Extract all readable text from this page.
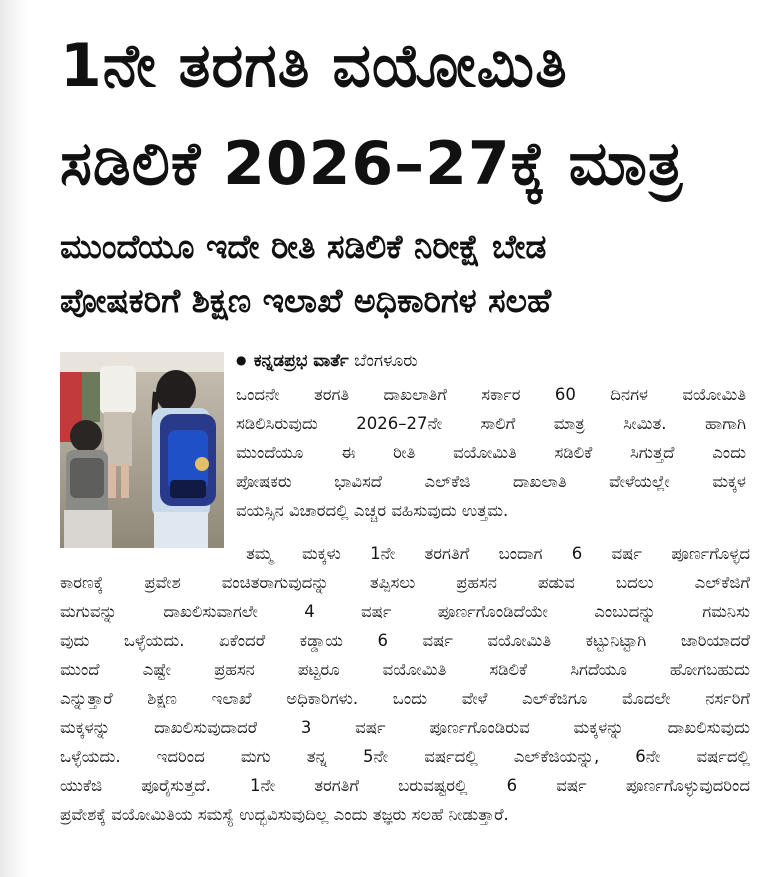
1ನೇ ತರಗತಿ ವಯೋಮಿತಿ
ಸಡಿಲಿಕೆ 2026–27ಕ್ಕೆ ಮಾತ್ರ
ಮುಂದೆಯೂ ಇದೇ ರೀತಿ ಸಡಿಲಿಕೆ ನಿರೀಕ್ಷೆ ಬೇಡ
ಪೋಷಕರಿಗೆ ಶಿಕ್ಷಣ ಇಲಾಖೆ ಅಧಿಕಾರಿಗಳ ಸಲಹೆ
● ಕನ್ನಡಪ್ರಭ ವಾರ್ತೆ ಬೆಂಗಳೂರು
ಒಂದನೇ ತರಗತಿ ದಾಖಲಾತಿಗೆ ಸರ್ಕಾರ 60 ದಿನಗಳ ವಯೋಮಿತಿ
ಸಡಿಲಿಸಿರುವುದು 2026–27ನೇ ಸಾಲಿಗೆ ಮಾತ್ರ ಸೀಮಿತ. ಹಾಗಾಗಿ
ಮುಂದೆಯೂ ಈ ರೀತಿ ವಯೋಮಿತಿ ಸಡಿಲಿಕೆ ಸಿಗುತ್ತದೆ ಎಂದು
ಪೋಷಕರು ಭಾವಿಸದೆ ಎಲ್‌ಕೆಜಿ ದಾಖಲಾತಿ ವೇಳೆಯಲ್ಲೇ ಮಕ್ಕಳ
ವಯಸ್ಸಿನ ವಿಚಾರದಲ್ಲಿ ಎಚ್ಚರ ವಹಿಸುವುದು ಉತ್ತಮ.
ತಮ್ಮ ಮಕ್ಕಳು 1ನೇ ತರಗತಿಗೆ ಬಂದಾಗ 6 ವರ್ಷ ಪೂರ್ಣಗೊಳ್ಳದ
ಕಾರಣಕ್ಕೆ ಪ್ರವೇಶ ವಂಚಿತರಾಗುವುದನ್ನು ತಪ್ಪಿಸಲು ಪ್ರಹಸನ ಪಡುವ ಬದಲು ಎಲ್‌ಕೆಜಿಗೆ
ಮಗುವನ್ನು ದಾಖಲಿಸುವಾಗಲೇ 4 ವರ್ಷ ಪೂರ್ಣಗೊಂಡಿದೆಯೇ ಎಂಬುದನ್ನು ಗಮನಿಸು
ವುದು ಒಳ್ಳೆಯದು. ಏಕೆಂದರೆ ಕಡ್ಡಾಯ 6 ವರ್ಷ ವಯೋಮಿತಿ ಕಟ್ಟುನಿಟ್ಟಾಗಿ ಜಾರಿಯಾದರೆ
ಮುಂದೆ ಎಷ್ಟೇ ಪ್ರಹಸನ ಪಟ್ಟರೂ ವಯೋಮಿತಿ ಸಡಿಲಿಕೆ ಸಿಗದೆಯೂ ಹೋಗಬಹುದು
ಎನ್ನುತ್ತಾರೆ ಶಿಕ್ಷಣ ಇಲಾಖೆ ಅಧಿಕಾರಿಗಳು. ಒಂದು ವೇಳೆ ಎಲ್‌ಕೆಜಿಗೂ ಮೊದಲೇ ನರ್ಸರಿಗೆ
ಮಕ್ಕಳನ್ನು ದಾಖಲಿಸುವುದಾದರೆ 3 ವರ್ಷ ಪೂರ್ಣಗೊಂಡಿರುವ ಮಕ್ಕಳನ್ನು ದಾಖಲಿಸುವುದು
ಒಳ್ಳೆಯದು. ಇದರಿಂದ ಮಗು ತನ್ನ 5ನೇ ವರ್ಷದಲ್ಲಿ ಎಲ್‌ಕೆಜಿಯನ್ನು, 6ನೇ ವರ್ಷದಲ್ಲಿ
ಯುಕೆಜಿ ಪೂರೈಸುತ್ತದೆ. 1ನೇ ತರಗತಿಗೆ ಬರುವಷ್ಟರಲ್ಲಿ 6 ವರ್ಷ ಪೂರ್ಣಗೊಳ್ಳುವುದರಿಂದ
ಪ್ರವೇಶಕ್ಕೆ ವಯೋಮಿತಿಯ ಸಮಸ್ಯೆ ಉದ್ಭವಿಸುವುದಿಲ್ಲ ಎಂದು ತಜ್ಞರು ಸಲಹೆ ನೀಡುತ್ತಾರೆ.
